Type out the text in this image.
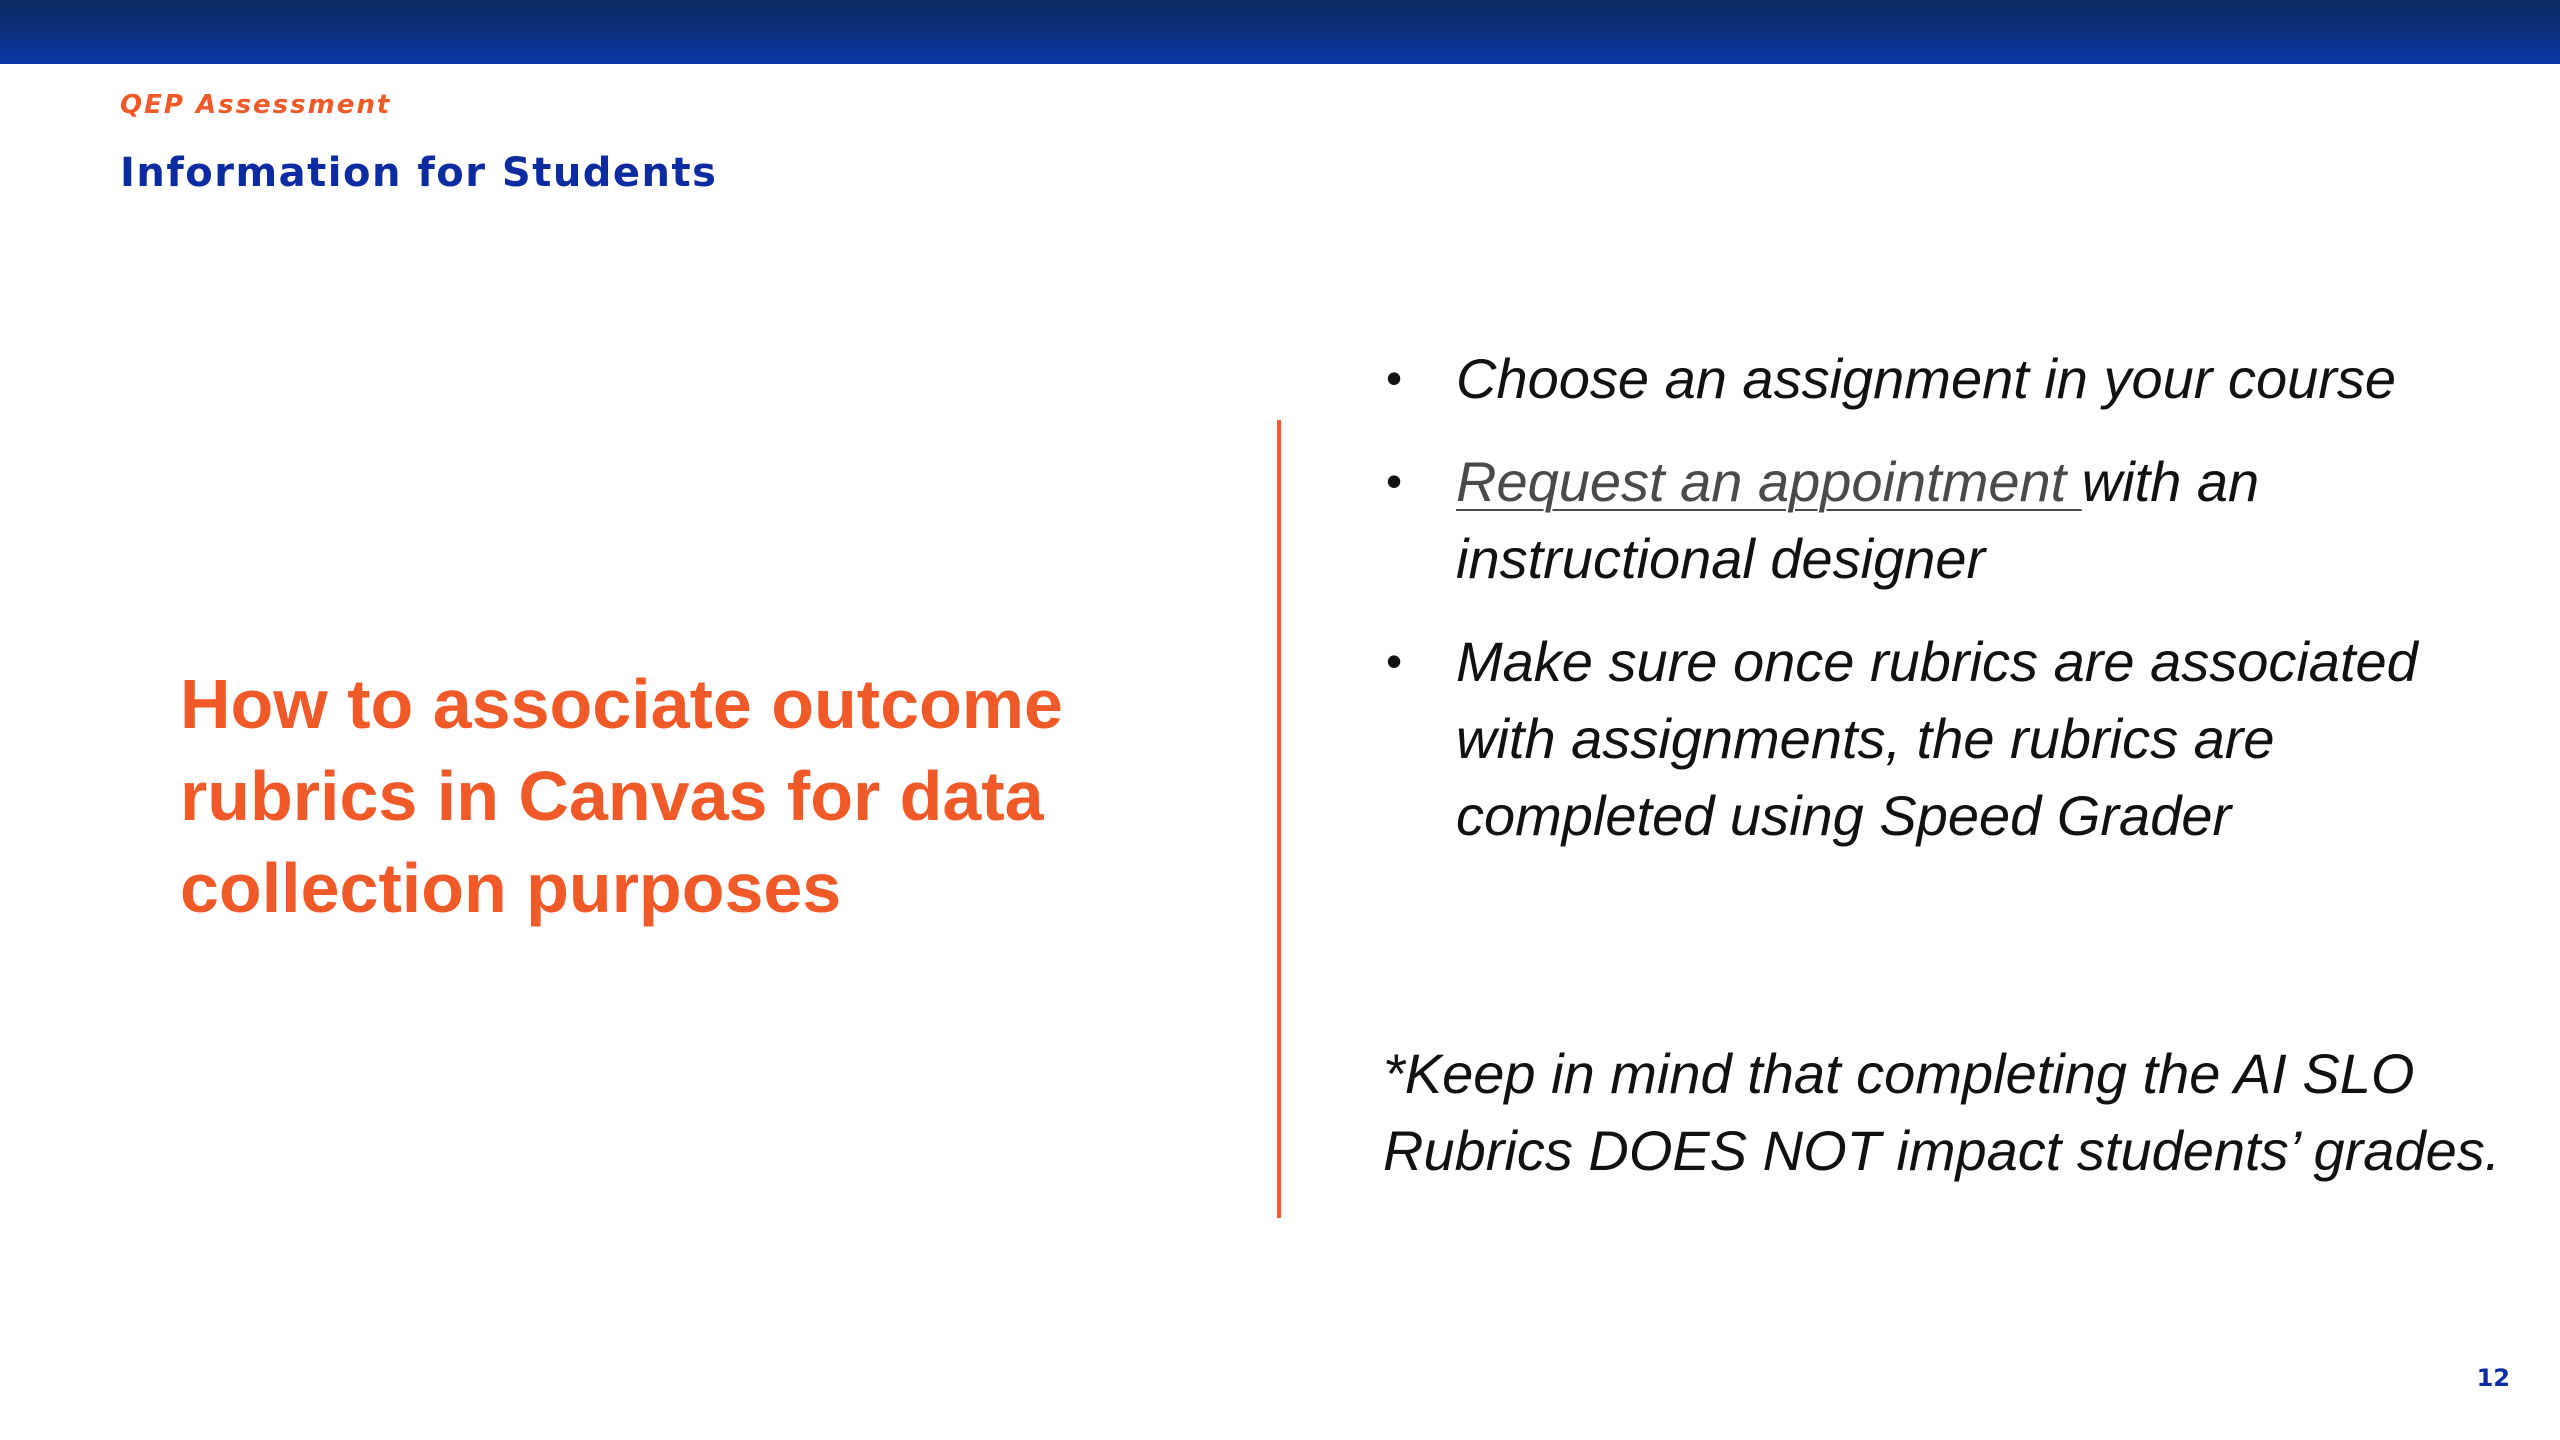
QEP Assessment
Information for Students
How to associate outcome rubrics in Canvas for data collection purposes
• Choose an assignment in your course
• Request an appointment with an instructional designer
• Make sure once rubrics are associated with assignments, the rubrics are completed using Speed Grader

*Keep in mind that completing the AI SLO Rubrics DOES NOT impact students’ grades.

12
